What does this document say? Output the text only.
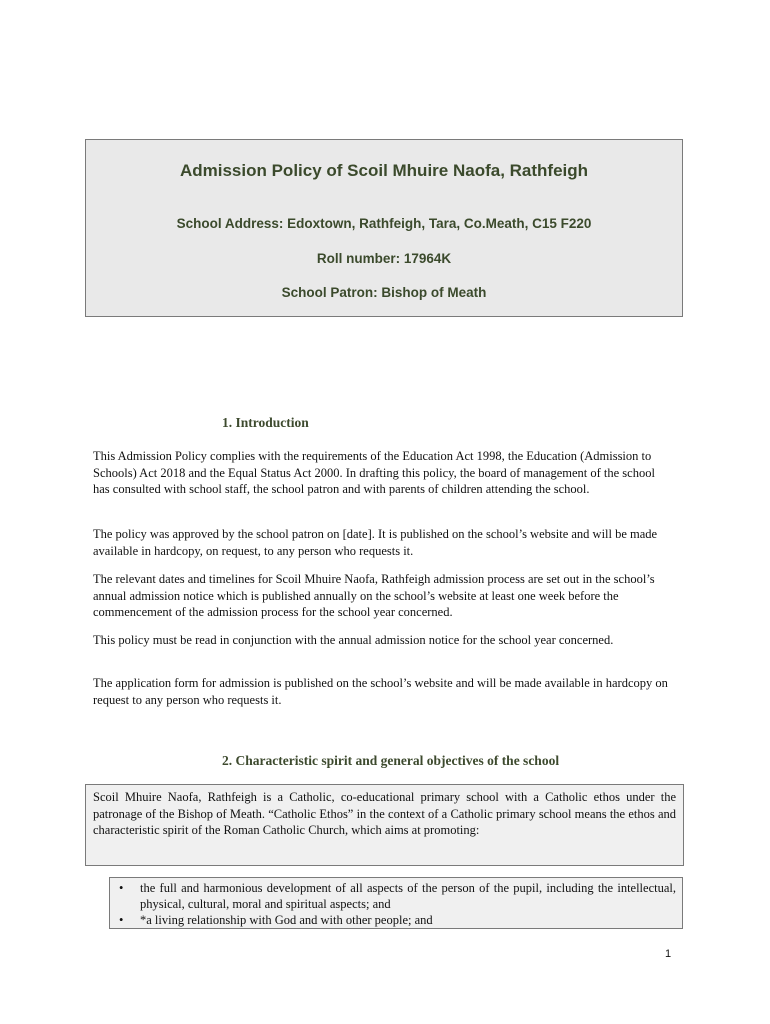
Admission Policy of Scoil Mhuire Naofa, Rathfeigh
School Address: Edoxtown, Rathfeigh, Tara, Co.Meath, C15 F220
Roll number: 17964K
School Patron: Bishop of Meath
1. Introduction

This Admission Policy complies with the requirements of the Education Act 1998, the Education (Admission to Schools) Act 2018 and the Equal Status Act 2000. In drafting this policy, the board of management of the school has consulted with school staff, the school patron and with parents of children attending the school.

The policy was approved by the school patron on [date]. It is published on the school’s website and will be made available in hardcopy, on request, to any person who requests it.

The relevant dates and timelines for Scoil Mhuire Naofa, Rathfeigh admission process are set out in the school’s annual admission notice which is published annually on the school’s website at least one week before the commencement of the admission process for the school year concerned.

This policy must be read in conjunction with the annual admission notice for the school year concerned.

The application form for admission is published on the school’s website and will be made available in hardcopy on request to any person who requests it.

2. Characteristic spirit and general objectives of the school
Scoil Mhuire Naofa, Rathfeigh is a Catholic, co-educational primary school with a Catholic ethos under the patronage of the Bishop of Meath. “Catholic Ethos” in the context of a Catholic primary school means the ethos and characteristic spirit of the Roman Catholic Church, which aims at promoting:
•	the full and harmonious development of all aspects of the person of the pupil, including the intellectual, physical, cultural, moral and spiritual aspects; and
•	*a living relationship with God and with other people; and
1
